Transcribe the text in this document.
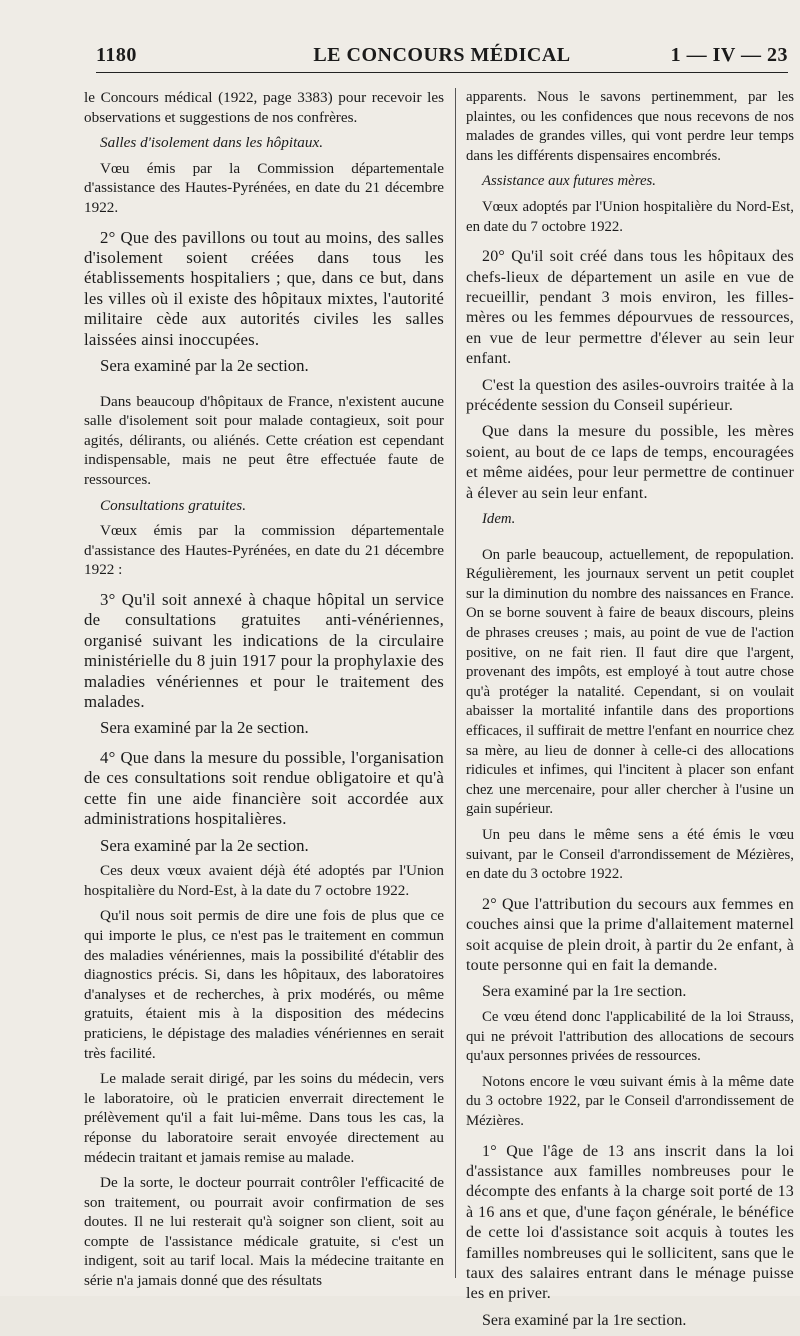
1180	LE CONCOURS MÉDICAL	1 — IV — 23

le Concours médical (1922, page 3383) pour recevoir les observations et suggestions de nos confrères.

Salles d'isolement dans les hôpitaux.

Vœu émis par la Commission départementale d'assistance des Hautes-Pyrénées, en date du 21 décembre 1922.

2° Que des pavillons ou tout au moins, des salles d'isolement soient créées dans tous les établissements hospitaliers ; que, dans ce but, dans les villes où il existe des hôpitaux mixtes, l'autorité militaire cède aux autorités civiles les salles laissées ainsi inoccupées.

Sera examiné par la 2e section.

Dans beaucoup d'hôpitaux de France, n'existent aucune salle d'isolement soit pour malade contagieux, soit pour agités, délirants, ou aliénés. Cette création est cependant indispensable, mais ne peut être effectuée faute de ressources.

Consultations gratuites.

Vœux émis par la commission départementale d'assistance des Hautes-Pyrénées, en date du 21 décembre 1922 :

3° Qu'il soit annexé à chaque hôpital un service de consultations gratuites anti-vénériennes, organisé suivant les indications de la circulaire ministérielle du 8 juin 1917 pour la prophylaxie des maladies vénériennes et pour le traitement des malades.

Sera examiné par la 2e section.

4° Que dans la mesure du possible, l'organisation de ces consultations soit rendue obligatoire et qu'à cette fin une aide financière soit accordée aux administrations hospitalières.

Sera examiné par la 2e section.

Ces deux vœux avaient déjà été adoptés par l'Union hospitalière du Nord-Est, à la date du 7 octobre 1922.

Qu'il nous soit permis de dire une fois de plus que ce qui importe le plus, ce n'est pas le traitement en commun des maladies vénériennes, mais la possibilité d'établir des diagnostics précis. Si, dans les hôpitaux, des laboratoires d'analyses et de recherches, à prix modérés, ou même gratuits, étaient mis à la disposition des médecins praticiens, le dépistage des maladies vénériennes en serait très facilité.

Le malade serait dirigé, par les soins du médecin, vers le laboratoire, où le praticien enverrait directement le prélèvement qu'il a fait lui-même. Dans tous les cas, la réponse du laboratoire serait envoyée directement au médecin traitant et jamais remise au malade.

De la sorte, le docteur pourrait contrôler l'efficacité de son traitement, ou pourrait avoir confirmation de ses doutes. Il ne lui resterait qu'à soigner son client, soit au compte de l'assistance médicale gratuite, si c'est un indigent, soit au tarif local. Mais la médecine traitante en série n'a jamais donné que des résultats

apparents. Nous le savons pertinemment, par les plaintes, ou les confidences que nous recevons de nos malades de grandes villes, qui vont perdre leur temps dans les différents dispensaires encombrés.

Assistance aux futures mères.

Vœux adoptés par l'Union hospitalière du Nord-Est, en date du 7 octobre 1922.

20° Qu'il soit créé dans tous les hôpitaux des chefs-lieux de département un asile en vue de recueillir, pendant 3 mois environ, les filles-mères ou les femmes dépourvues de ressources, en vue de leur permettre d'élever au sein leur enfant.

C'est la question des asiles-ouvroirs traitée à la précédente session du Conseil supérieur.

Que dans la mesure du possible, les mères soient, au bout de ce laps de temps, encouragées et même aidées, pour leur permettre de continuer à élever au sein leur enfant.

Idem.

On parle beaucoup, actuellement, de repopulation. Régulièrement, les journaux servent un petit couplet sur la diminution du nombre des naissances en France. On se borne souvent à faire de beaux discours, pleins de phrases creuses ; mais, au point de vue de l'action positive, on ne fait rien. Il faut dire que l'argent, provenant des impôts, est employé à tout autre chose qu'à protéger la natalité. Cependant, si on voulait abaisser la mortalité infantile dans des proportions efficaces, il suffirait de mettre l'enfant en nourrice chez sa mère, au lieu de donner à celle-ci des allocations ridicules et infimes, qui l'incitent à placer son enfant chez une mercenaire, pour aller chercher à l'usine un gain supérieur.

Un peu dans le même sens a été émis le vœu suivant, par le Conseil d'arrondissement de Mézières, en date du 3 octobre 1922.

2° Que l'attribution du secours aux femmes en couches ainsi que la prime d'allaitement maternel soit acquise de plein droit, à partir du 2e enfant, à toute personne qui en fait la demande.

Sera examiné par la 1re section.

Ce vœu étend donc l'applicabilité de la loi Strauss, qui ne prévoit l'attribution des allocations de secours qu'aux personnes privées de ressources.

Notons encore le vœu suivant émis à la même date du 3 octobre 1922, par le Conseil d'arrondissement de Mézières.

1° Que l'âge de 13 ans inscrit dans la loi d'assistance aux familles nombreuses pour le décompte des enfants à la charge soit porté de 13 à 16 ans et que, d'une façon générale, le bénéfice de cette loi d'assistance soit acquis à toutes les familles nombreuses qui le sollicitent, sans que le taux des salaires entrant dans le ménage puisse les en priver.

Sera examiné par la 1re section.
